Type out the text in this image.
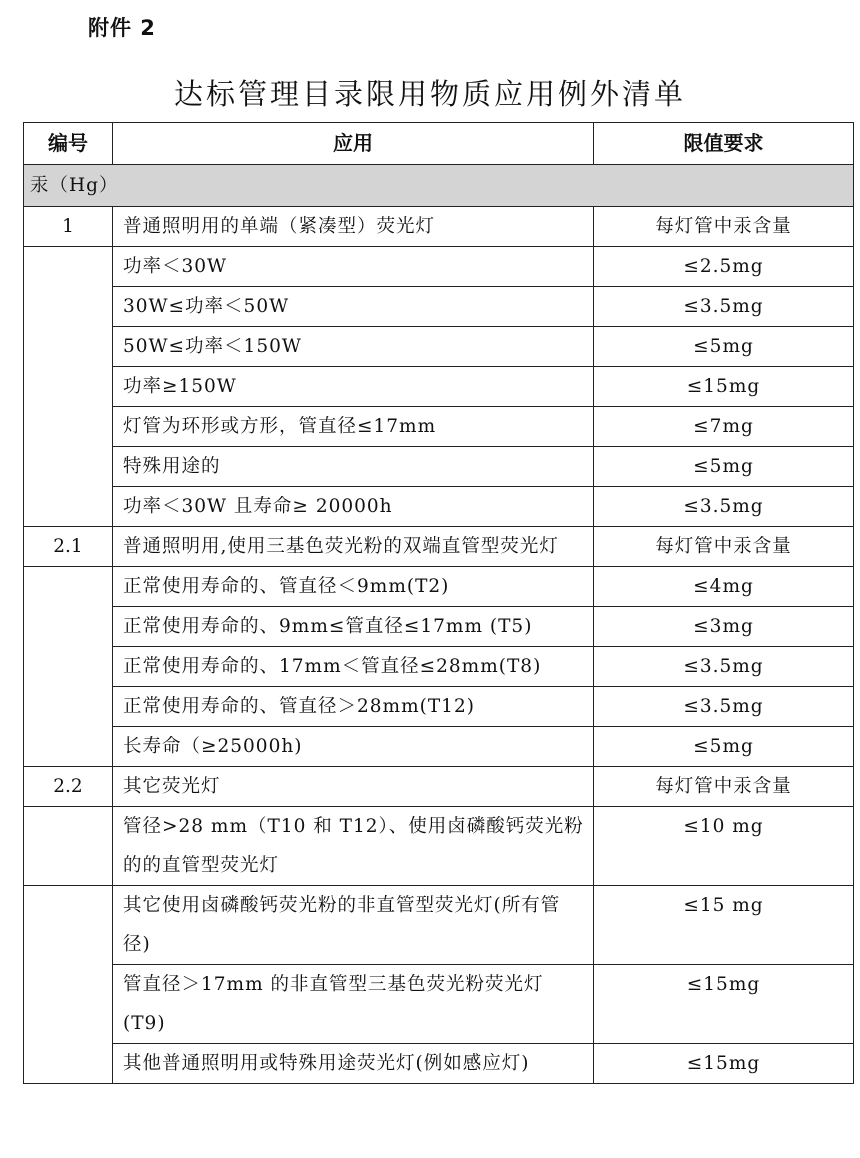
附件 2
达标管理目录限用物质应用例外清单
编号	应用	限值要求
汞（Hg）		
1	普通照明用的单端（紧凑型）荧光灯	每灯管中汞含量
	功率＜30W	≤2.5mg
	30W≤功率＜50W	≤3.5mg
	50W≤功率＜150W	≤5mg
	功率≥150W	≤15mg
	灯管为环形或方形，管直径≤17mm	≤7mg
	特殊用途的	≤5mg
	功率＜30W 且寿命≥ 20000h	≤3.5mg
2.1	普通照明用,使用三基色荧光粉的双端直管型荧光灯	每灯管中汞含量
	正常使用寿命的、管直径＜9mm(T2)	≤4mg
	正常使用寿命的、9mm≤管直径≤17mm (T5)	≤3mg
	正常使用寿命的、17mm＜管直径≤28mm(T8)	≤3.5mg
	正常使用寿命的、管直径＞28mm(T12)	≤3.5mg
	长寿命（≥25000h)	≤5mg
2.2	其它荧光灯	每灯管中汞含量
	管径>28 mm（T10 和 T12）、使用卤磷酸钙荧光粉的的直管型荧光灯	≤10 mg
	其它使用卤磷酸钙荧光粉的非直管型荧光灯(所有管径)	≤15 mg
	管直径＞17mm 的非直管型三基色荧光粉荧光灯 (T9)	≤15mg
	其他普通照明用或特殊用途荧光灯(例如感应灯)	≤15mg
